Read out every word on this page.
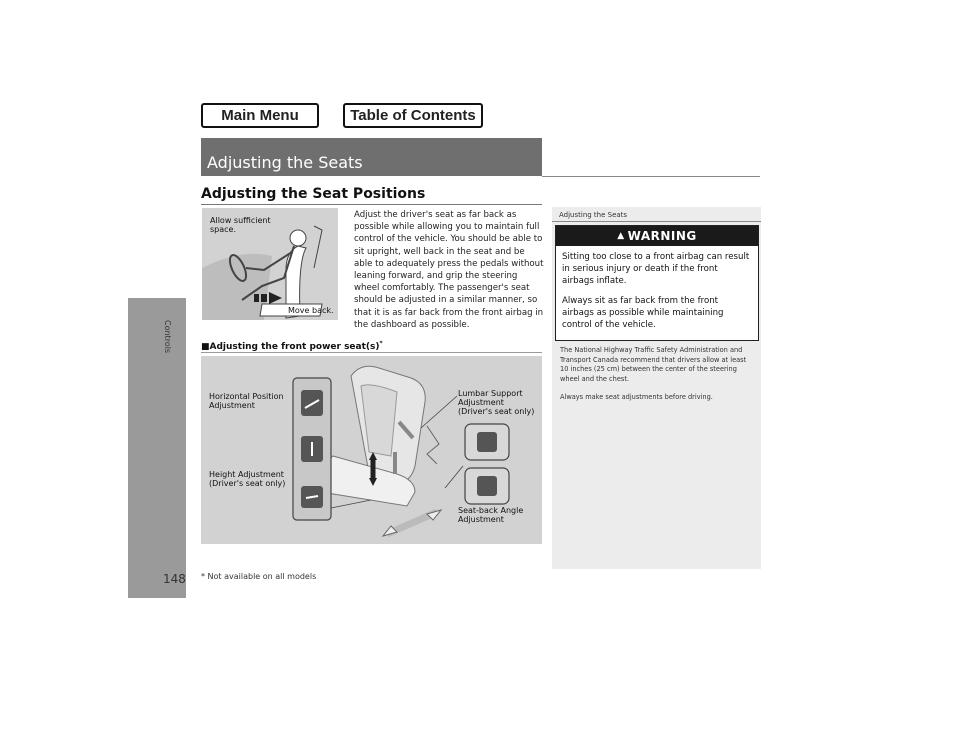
Main Menu	Table of Contents
Controls
148
Adjusting the Seats
Adjusting the Seat Positions
Allow sufficient space.
Move back.
Adjust the driver's seat as far back as possible while allowing you to maintain full control of the vehicle. You should be able to sit upright, well back in the seat and be able to adequately press the pedals without leaning forward, and grip the steering wheel comfortably. The passenger's seat should be adjusted in a similar manner, so that it is as far back from the front airbag in the dashboard as possible.
■Adjusting the front power seat(s)*
Horizontal Position Adjustment
Height Adjustment (Driver's seat only)
Lumbar Support Adjustment (Driver's seat only)
Seat-back Angle Adjustment
Adjusting the Seats
▲ WARNING

Sitting too close to a front airbag can result in serious injury or death if the front airbags inflate.

Always sit as far back from the front airbags as possible while maintaining control of the vehicle.

The National Highway Traffic Safety Administration and Transport Canada recommend that drivers allow at least 10 inches (25 cm) between the center of the steering wheel and the chest.

Always make seat adjustments before driving.

* Not available on all models
